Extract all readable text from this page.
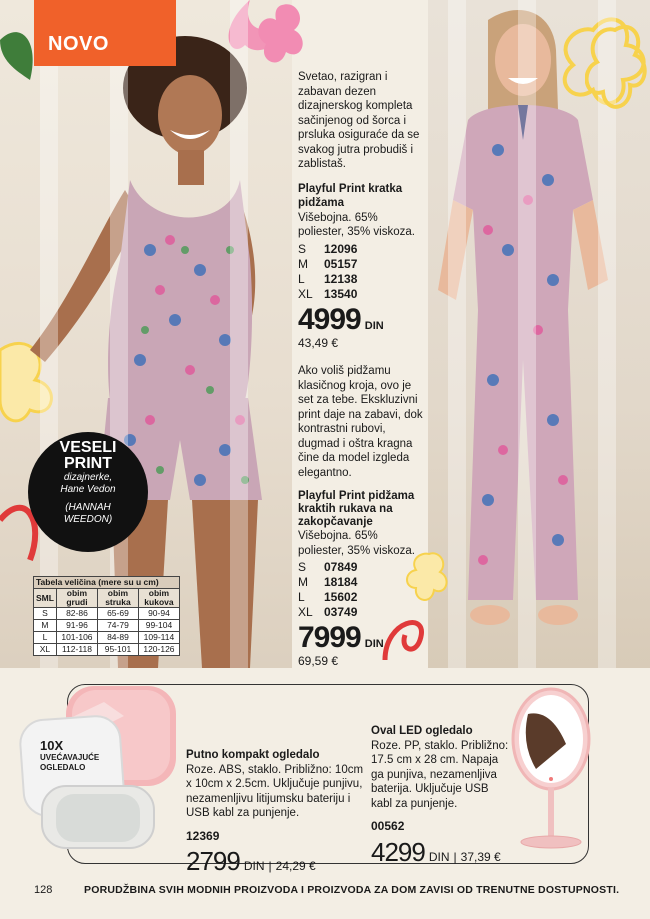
NOVO

Svetao, razigran i zabavan dezen dizajnerskog kompleta sačinjenog od šorca i prsluka osiguraće da se svakog jutra probudiš i zablistaš.

Playful Print kratka pidžama
Višebojna. 65% poliester, 35% viskoza.
S	12096
M	05157
L	12138
XL 13540
4999 DIN
43,49 €

Ako voliš pidžamu klasičnog kroja, ovo je set za tebe. Ekskluzivni print daje na zabavi, dok kontrastni rubovi, dugmad i oštra kragna čine da model izgleda elegantno.

Playful Print pidžama kraktih rukava na zakopčavanje
Višebojna. 65% poliester, 35% viskoza.
S	07849
M	18184
L	15602
XL 03749
7999 DIN
69,59 €
VESELI
PRINT
dizajnerke,
Hane Vedon
(HANNAH
WEEDON)
Tabela veličina (mere su u cm)			
SML	obim grudi	obim struka	obim kukova
S	82-86	65-69	90-94
M	91-96	74-79	99-104
L	101-106	84-89	109-114
XL	112-118	95-101	120-126
10X
UVEĆAVAJUĆE OGLEDALO
Putno kompakt ogledalo
Roze. ABS, staklo. Približno: 10cm x 10cm x 2.5cm. Uključuje punjivu, nezamenljivu litijumsku bateriju i USB kabl za punjenje.
12369
2799 DIN | 24,29 €
Oval LED ogledalo
Roze. PP, staklo. Približno: 17.5 cm x 28 cm. Napaja ga punjiva, nezamenljiva baterija. Uključuje USB kabl za punjenje.
00562
4299 DIN | 37,39 €
128	PORUDŽBINA SVIH MODNIH PROIZVODA I PROIZVODA ZA DOM ZAVISI OD TRENUTNE DOSTUPNOSTI.
